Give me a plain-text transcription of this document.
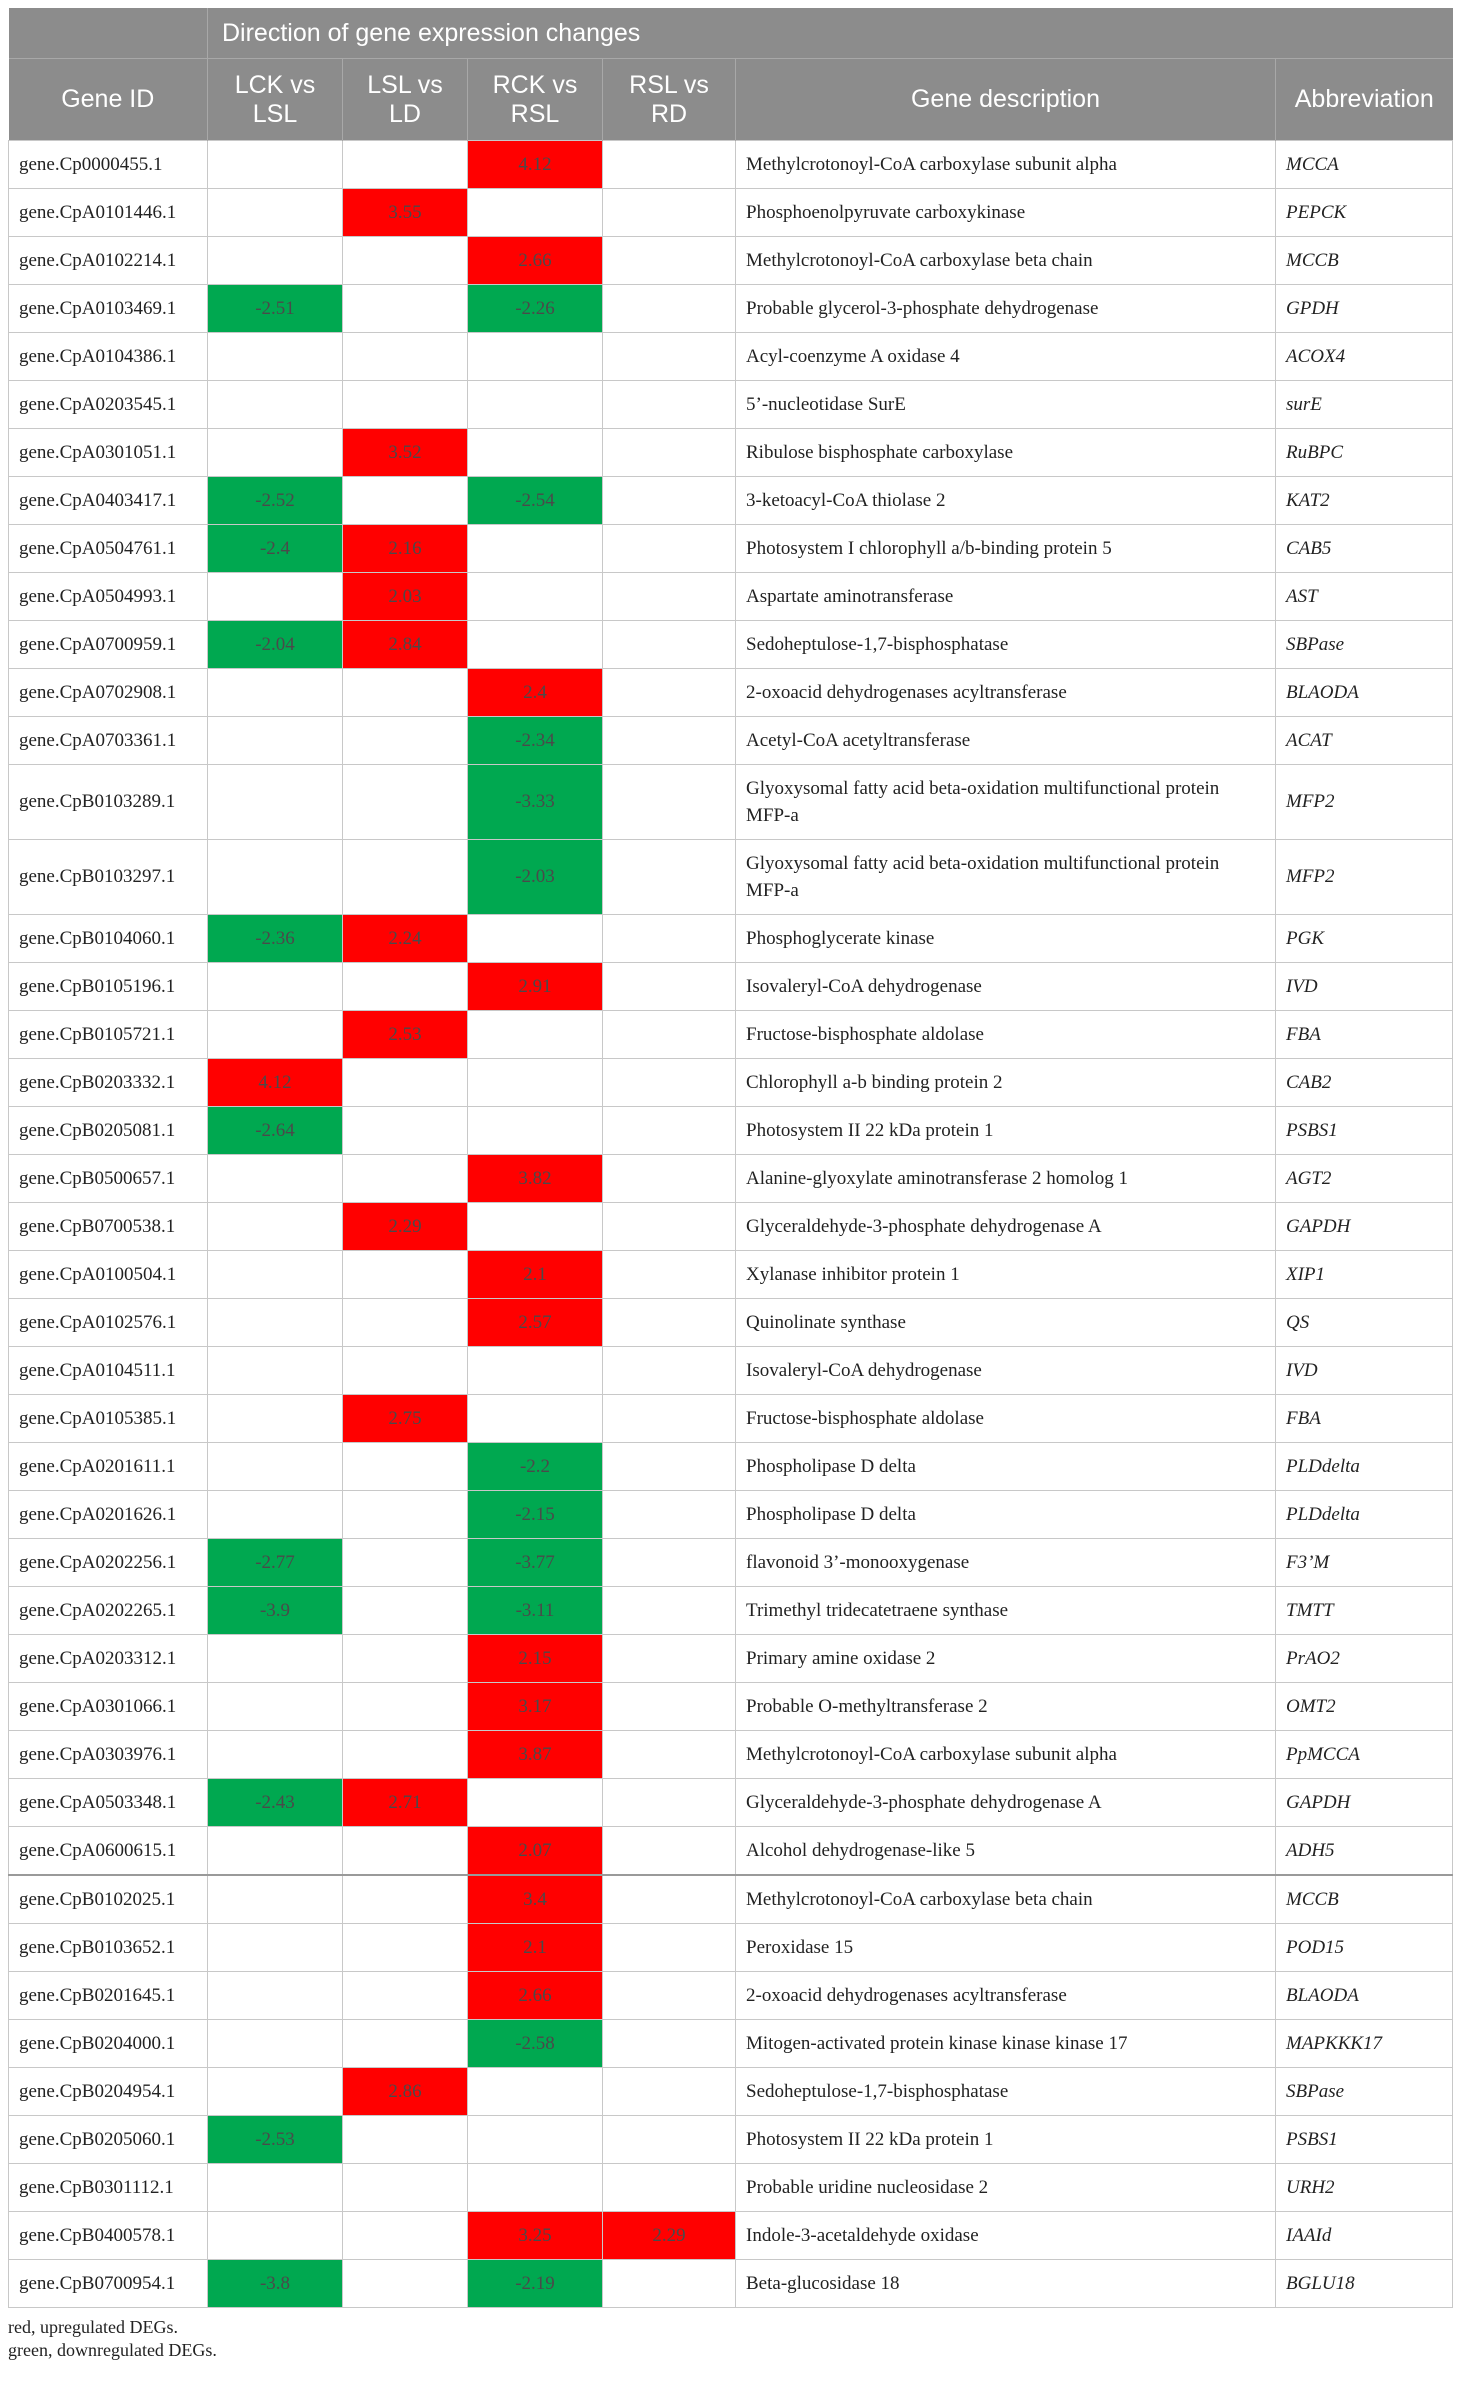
	Direction of gene expression changes					
Gene ID	LCK vs LSL	LSL vs LD	RCK vs RSL	RSL vs RD	Gene description	Abbreviation
gene.Cp0000455.1			4.12		Methylcrotonoyl-CoA carboxylase subunit alpha	MCCA
gene.CpA0101446.1		3.55			Phosphoenolpyruvate carboxykinase	PEPCK
gene.CpA0102214.1			2.66		Methylcrotonoyl-CoA carboxylase beta chain	MCCB
gene.CpA0103469.1	-2.51		-2.26		Probable glycerol-3-phosphate dehydrogenase	GPDH
gene.CpA0104386.1					Acyl-coenzyme A oxidase 4	ACOX4
gene.CpA0203545.1					5’-nucleotidase SurE	surE
gene.CpA0301051.1		3.52			Ribulose bisphosphate carboxylase	RuBPC
gene.CpA0403417.1	-2.52		-2.54		3-ketoacyl-CoA thiolase 2	KAT2
gene.CpA0504761.1	-2.4	2.16			Photosystem I chlorophyll a/b-binding protein 5	CAB5
gene.CpA0504993.1		2.03			Aspartate aminotransferase	AST
gene.CpA0700959.1	-2.04	2.84			Sedoheptulose-1,7-bisphosphatase	SBPase
gene.CpA0702908.1			2.4		2-oxoacid dehydrogenases acyltransferase	BLAODA
gene.CpA0703361.1			-2.34		Acetyl-CoA acetyltransferase	ACAT
gene.CpB0103289.1			-3.33		Glyoxysomal fatty acid beta-oxidation multifunctional protein MFP-a	MFP2
gene.CpB0103297.1			-2.03		Glyoxysomal fatty acid beta-oxidation multifunctional protein MFP-a	MFP2
gene.CpB0104060.1	-2.36	2.24			Phosphoglycerate kinase	PGK
gene.CpB0105196.1			2.91		Isovaleryl-CoA dehydrogenase	IVD
gene.CpB0105721.1		2.53			Fructose-bisphosphate aldolase	FBA
gene.CpB0203332.1	4.12				Chlorophyll a-b binding protein 2	CAB2
gene.CpB0205081.1	-2.64				Photosystem II 22 kDa protein 1	PSBS1
gene.CpB0500657.1			3.82		Alanine-glyoxylate aminotransferase 2 homolog 1	AGT2
gene.CpB0700538.1		2.29			Glyceraldehyde-3-phosphate dehydrogenase A	GAPDH
gene.CpA0100504.1			2.1		Xylanase inhibitor protein 1	XIP1
gene.CpA0102576.1			2.57		Quinolinate synthase	QS
gene.CpA0104511.1					Isovaleryl-CoA dehydrogenase	IVD
gene.CpA0105385.1		2.75			Fructose-bisphosphate aldolase	FBA
gene.CpA0201611.1			-2.2		Phospholipase D delta	PLDdelta
gene.CpA0201626.1			-2.15		Phospholipase D delta	PLDdelta
gene.CpA0202256.1	-2.77		-3.77		flavonoid 3’-monooxygenase	F3’M
gene.CpA0202265.1	-3.9		-3.11		Trimethyl tridecatetraene synthase	TMTT
gene.CpA0203312.1			2.15		Primary amine oxidase 2	PrAO2
gene.CpA0301066.1			3.17		Probable O-methyltransferase 2	OMT2
gene.CpA0303976.1			3.87		Methylcrotonoyl-CoA carboxylase subunit alpha	PpMCCA
gene.CpA0503348.1	-2.43	2.71			Glyceraldehyde-3-phosphate dehydrogenase A	GAPDH
gene.CpA0600615.1			2.07		Alcohol dehydrogenase-like 5	ADH5
gene.CpB0102025.1			3.4		Methylcrotonoyl-CoA carboxylase beta chain	MCCB
gene.CpB0103652.1			2.1		Peroxidase 15	POD15
gene.CpB0201645.1			2.66		2-oxoacid dehydrogenases acyltransferase	BLAODA
gene.CpB0204000.1			-2.58		Mitogen-activated protein kinase kinase kinase 17	MAPKKK17
gene.CpB0204954.1		2.86			Sedoheptulose-1,7-bisphosphatase	SBPase
gene.CpB0205060.1	-2.53				Photosystem II 22 kDa protein 1	PSBS1
gene.CpB0301112.1					Probable uridine nucleosidase 2	URH2
gene.CpB0400578.1			3.25	2.29	Indole-3-acetaldehyde oxidase	IAAId
gene.CpB0700954.1	-3.8		-2.19		Beta-glucosidase 18	BGLU18
red, upregulated DEGs.
green, downregulated DEGs.
